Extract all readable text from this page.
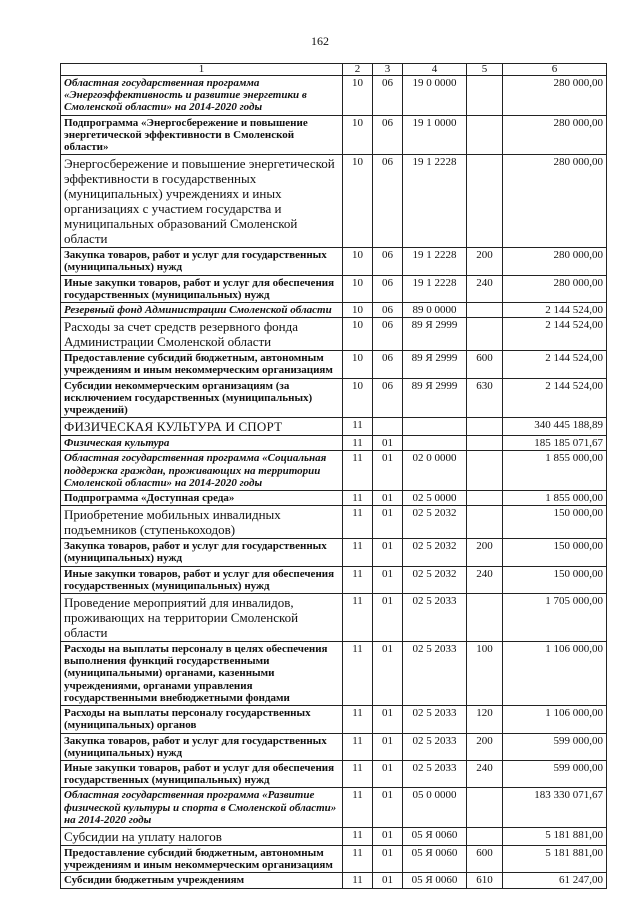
162
1	2	3	4	5	6
Областная государственная программа «Энергоэффективность и развитие энергетики в Смоленской области» на 2014-2020 годы	10	06	19 0 0000		280 000,00
Подпрограмма «Энергосбережение и повышение энергетической эффективности в Смоленской области»	10	06	19 1 0000		280 000,00
Энергосбережение и повышение энергетической эффективности в государственных (муниципальных) учреждениях и иных организациях с участием государства и муниципальных образований Смоленской области	10	06	19 1 2228		280 000,00
Закупка товаров, работ и услуг для государственных (муниципальных) нужд	10	06	19 1 2228	200	280 000,00
Иные закупки товаров, работ и услуг для обеспечения государственных (муниципальных) нужд	10	06	19 1 2228	240	280 000,00
Резервный фонд Администрации Смоленской области	10	06	89 0 0000		2 144 524,00
Расходы за счет средств резервного фонда Администрации Смоленской области	10	06	89 Я 2999		2 144 524,00
Предоставление субсидий бюджетным, автономным учреждениям и иным некоммерческим организациям	10	06	89 Я 2999	600	2 144 524,00
Субсидии некоммерческим организациям (за исключением государственных (муниципальных) учреждений)	10	06	89 Я 2999	630	2 144 524,00
ФИЗИЧЕСКАЯ КУЛЬТУРА И СПОРТ	11				340 445 188,89
Физическая культура	11	01			185 185 071,67
Областная государственная программа «Социальная поддержка граждан, проживающих на территории Смоленской области» на 2014-2020 годы	11	01	02 0 0000		1 855 000,00
Подпрограмма «Доступная среда»	11	01	02 5 0000		1 855 000,00
Приобретение мобильных инвалидных подъемников (ступенькоходов)	11	01	02 5 2032		150 000,00
Закупка товаров, работ и услуг для государственных (муниципальных) нужд	11	01	02 5 2032	200	150 000,00
Иные закупки товаров, работ и услуг для обеспечения государственных (муниципальных) нужд	11	01	02 5 2032	240	150 000,00
Проведение мероприятий для инвалидов, проживающих на территории Смоленской области	11	01	02 5 2033		1 705 000,00
Расходы на выплаты персоналу в целях обеспечения выполнения функций государственными (муниципальными) органами, казенными учреждениями, органами управления государственными внебюджетными фондами	11	01	02 5 2033	100	1 106 000,00
Расходы на выплаты персоналу государственных (муниципальных) органов	11	01	02 5 2033	120	1 106 000,00
Закупка товаров, работ и услуг для государственных (муниципальных) нужд	11	01	02 5 2033	200	599 000,00
Иные закупки товаров, работ и услуг для обеспечения государственных (муниципальных) нужд	11	01	02 5 2033	240	599 000,00
Областная государственная программа «Развитие физической культуры и спорта в Смоленской области» на 2014-2020 годы	11	01	05 0 0000		183 330 071,67
Субсидии на уплату налогов	11	01	05 Я 0060		5 181 881,00
Предоставление субсидий бюджетным, автономным учреждениям и иным некоммерческим организациям	11	01	05 Я 0060	600	5 181 881,00
Субсидии бюджетным учреждениям	11	01	05 Я 0060	610	61 247,00
